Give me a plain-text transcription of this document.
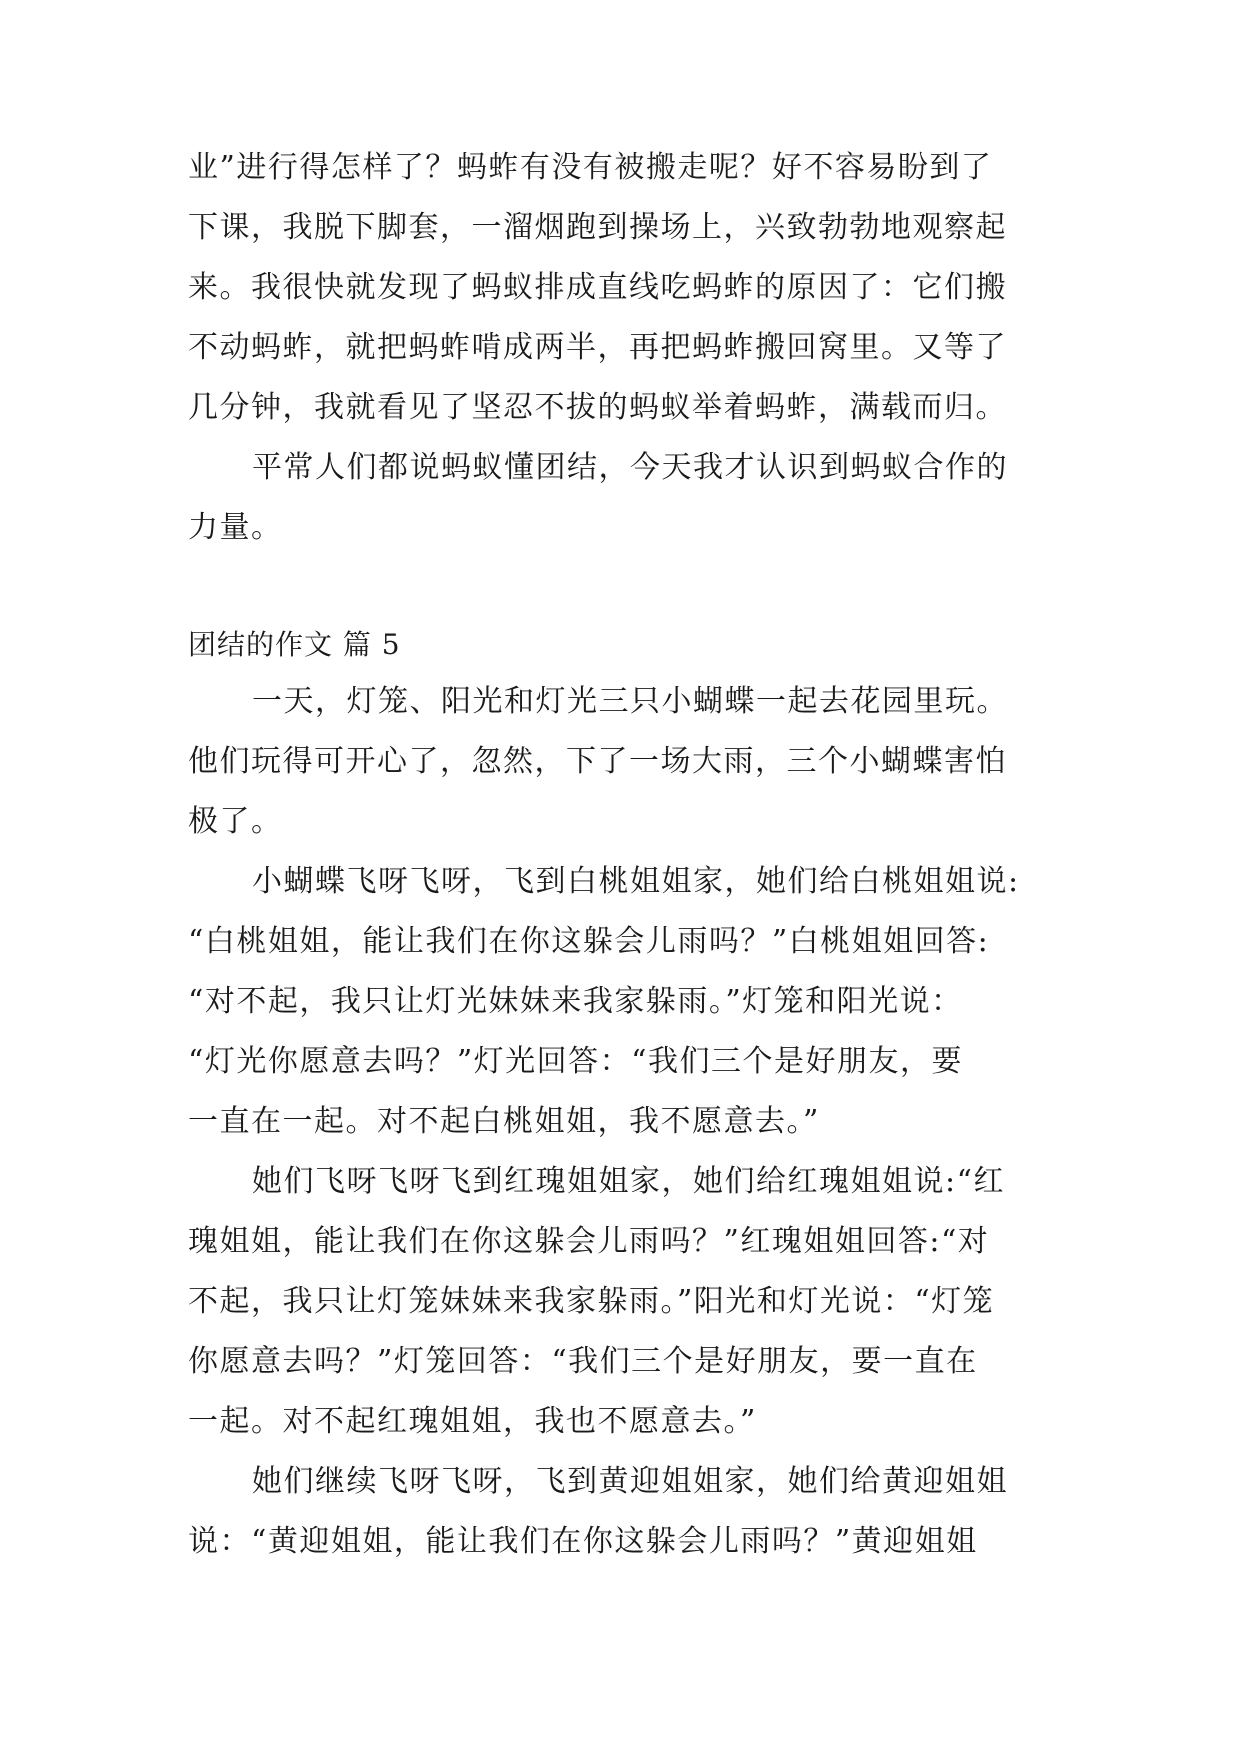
业”进行得怎样了？蚂蚱有没有被搬走呢？好不容易盼到了
下课，我脱下脚套，一溜烟跑到操场上，兴致勃勃地观察起
来。我很快就发现了蚂蚁排成直线吃蚂蚱的原因了：它们搬
不动蚂蚱，就把蚂蚱啃成两半，再把蚂蚱搬回窝里。又等了
几分钟，我就看见了坚忍不拔的蚂蚁举着蚂蚱，满载而归。
平常人们都说蚂蚁懂团结，今天我才认识到蚂蚁合作的
力量。
团结的作文 篇 5
一天，灯笼、阳光和灯光三只小蝴蝶一起去花园里玩。
他们玩得可开心了，忽然，下了一场大雨，三个小蝴蝶害怕
极了。
小蝴蝶飞呀飞呀，飞到白桃姐姐家，她们给白桃姐姐说:
“白桃姐姐，能让我们在你这躲会儿雨吗？”白桃姐姐回答:
“对不起，我只让灯光妹妹来我家躲雨。”灯笼和阳光说：
“灯光你愿意去吗？”灯光回答：“我们三个是好朋友，要
一直在一起。对不起白桃姐姐，我不愿意去。”
她们飞呀飞呀飞到红瑰姐姐家，她们给红瑰姐姐说:“红
瑰姐姐，能让我们在你这躲会儿雨吗？”红瑰姐姐回答:“对
不起，我只让灯笼妹妹来我家躲雨。”阳光和灯光说：“灯笼
你愿意去吗？”灯笼回答：“我们三个是好朋友，要一直在
一起。对不起红瑰姐姐，我也不愿意去。”
她们继续飞呀飞呀，飞到黄迎姐姐家，她们给黄迎姐姐
说：“黄迎姐姐，能让我们在你这躲会儿雨吗？”黄迎姐姐
